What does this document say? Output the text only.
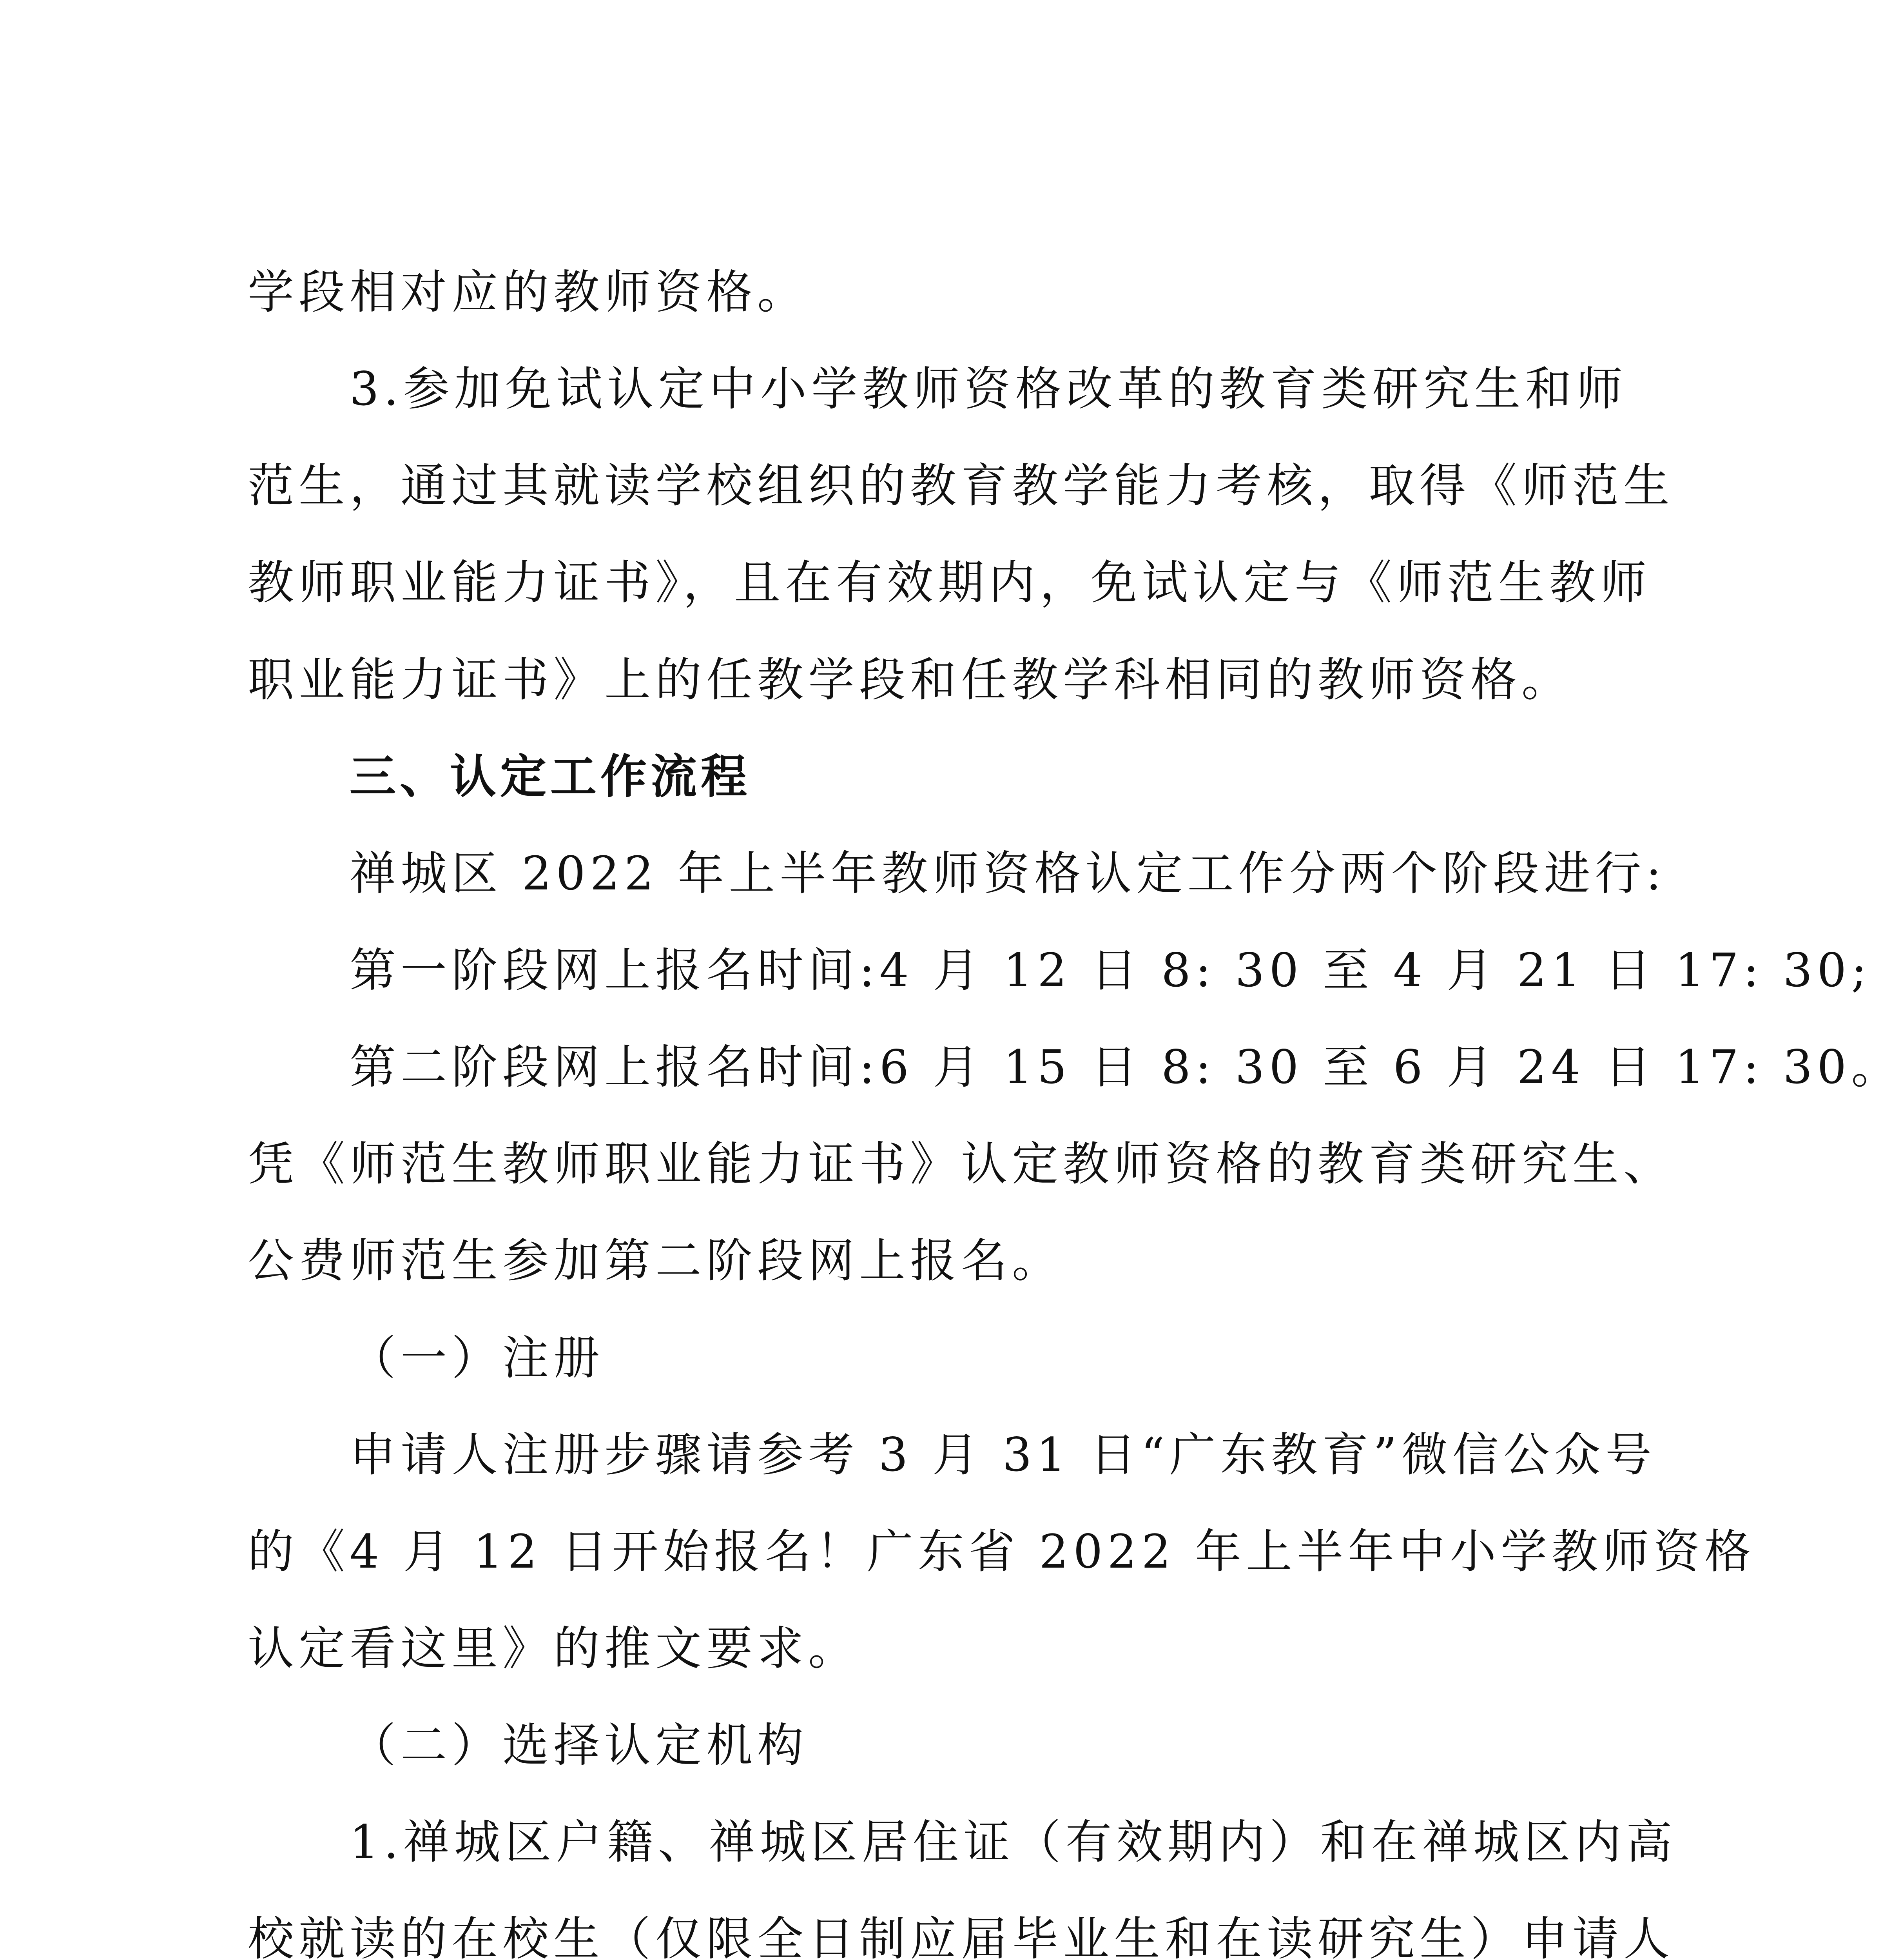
学段相对应的教师资格。
3.参加免试认定中小学教师资格改革的教育类研究生和师
范生，通过其就读学校组织的教育教学能力考核，取得《师范生
教师职业能力证书》，且在有效期内，免试认定与《师范生教师
职业能力证书》上的任教学段和任教学科相同的教师资格。
三、认定工作流程
禅城区 2022 年上半年教师资格认定工作分两个阶段进行:
第一阶段网上报名时间:4 月 12 日 8: 30 至 4 月 21 日 17: 30;
第二阶段网上报名时间:6 月 15 日 8: 30 至 6 月 24 日 17: 30。
凭《师范生教师职业能力证书》认定教师资格的教育类研究生、
公费师范生参加第二阶段网上报名。
（一）注册
申请人注册步骤请参考 3 月 31 日“广东教育”微信公众号
的《4 月 12 日开始报名！广东省 2022 年上半年中小学教师资格
认定看这里》的推文要求。
（二）选择认定机构
1.禅城区户籍、禅城区居住证（有效期内）和在禅城区内高
校就读的在校生（仅限全日制应届毕业生和在读研究生）申请人
